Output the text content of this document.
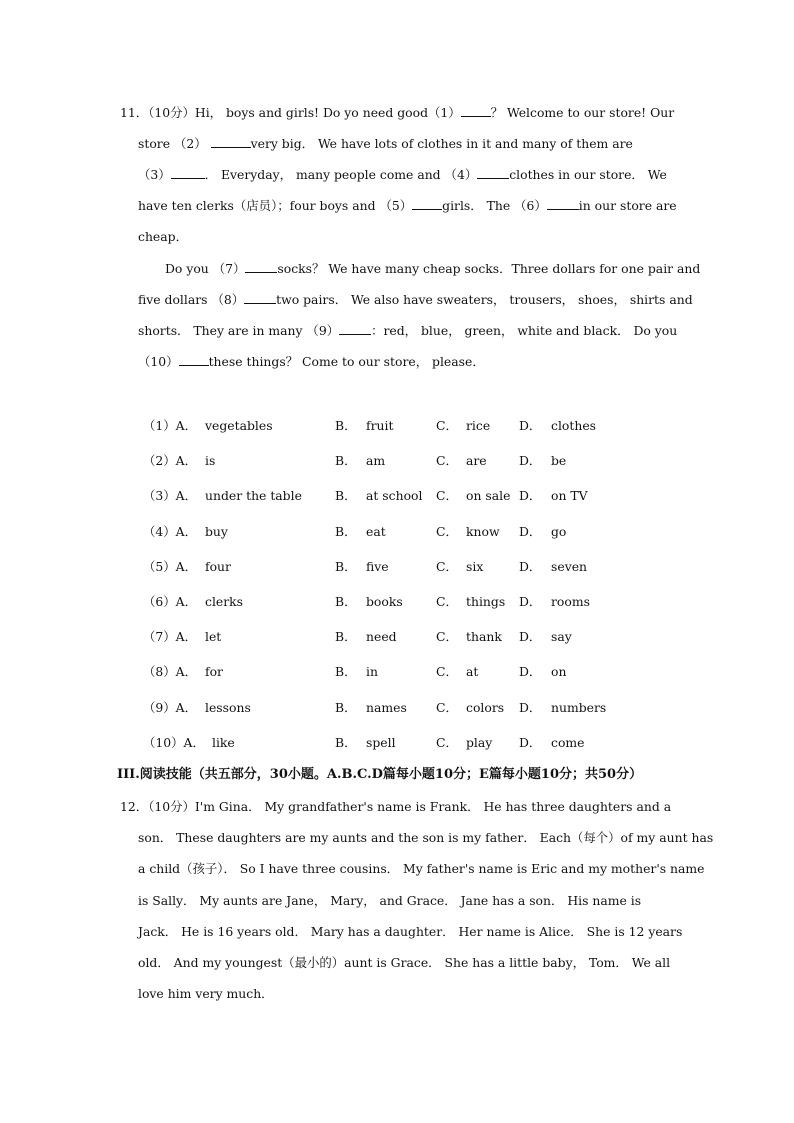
11．（10分）Hi， boys and girls! Do yo need good（1） ？ Welcome to our store! Our
store （2）	very big． We have lots of clothes in it and many of them are
（3）	． Everyday， many people come and （4）	clothes in our store． We
have ten clerks（店员）；four boys and （5） girls． The （6）	in our store are
cheap．
Do you （7）	socks？ We have many cheap socks．Three dollars for one pair and
five dollars （8）	two pairs． We also have sweaters， trousers， shoes， shirts and
shorts． They are in many （9）	：red， blue， green， white and black． Do you
（10） these things？ Come to our store， please．
（1）A． vegetables	B． fruit	C． rice D． clothes
（2）A． is	B． am	C． are	D． be
（3）A． under the table	B． at school C． on sale D． on TV
（4）A． buy	B． eat	C． know D． go
（5）A． four	B． five	C． six	D． seven
（6）A． clerks	B． books	C． things D． rooms
（7）A． let	B． need	C． thank D． say
（8）A． for	B． in	C． at	D． on
（9）A． lessons	B． names C． colors D． numbers
（10）A． like	B． spell	C． play D． come
III.阅读技能（共五部分，30小题。A.B.C.D篇每小题10分；E篇每小题10分；共50分）
12．（10分）I'm Gina． My grandfather's name is Frank． He has three daughters and a
son． These daughters are my aunts and the son is my father． Each（每个）of my aunt has
a child（孩子）． So I have three cousins． My father's name is Eric and my mother's name
is Sally． My aunts are Jane， Mary， and Grace． Jane has a son． His name is
Jack． He is 16 years old． Mary has a daughter． Her name is Alice． She is 12 years
old． And my youngest（最小的）aunt is Grace． She has a little baby， Tom． We all
love him very much．
